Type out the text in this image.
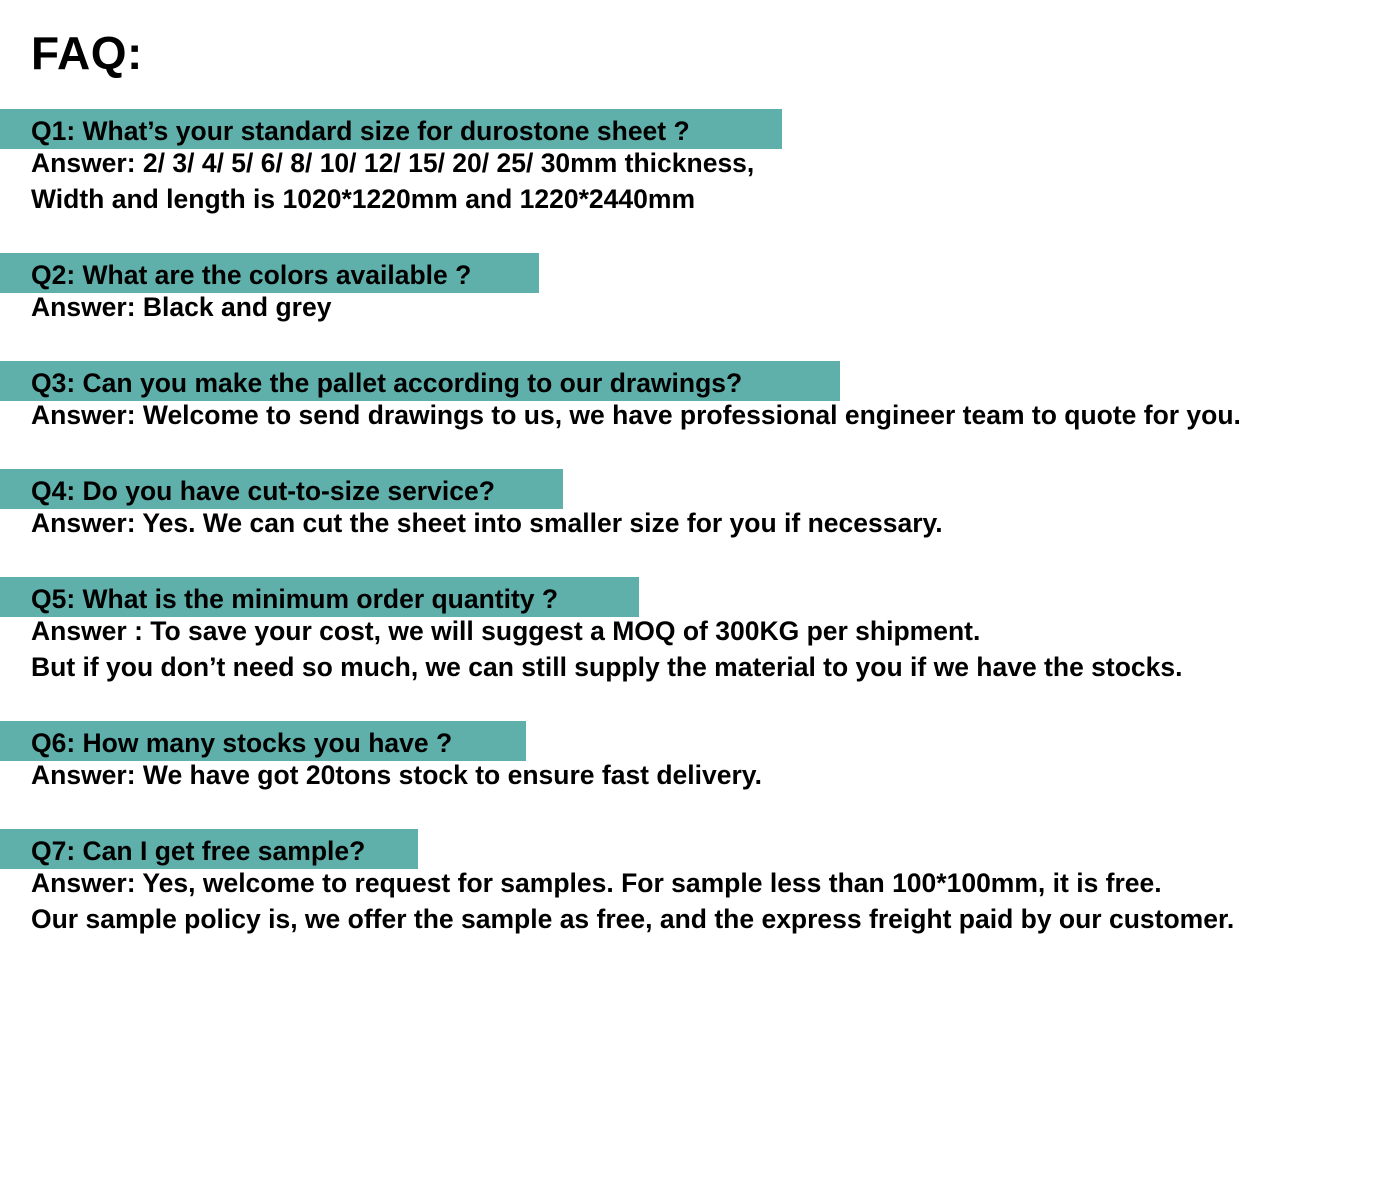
FAQ:
Q1: What’s your standard size for durostone sheet ?
Answer: 2/ 3/ 4/ 5/ 6/ 8/ 10/ 12/ 15/ 20/ 25/ 30mm thickness,
Width and length is 1020*1220mm and 1220*2440mm
Q2: What are the colors available ?
Answer: Black and grey
Q3: Can you make the pallet according to our drawings?
Answer: Welcome to send drawings to us, we have professional engineer team to quote for you.
Q4: Do you have cut-to-size service?
Answer: Yes. We can cut the sheet into smaller size for you if necessary.
Q5: What is the minimum order quantity ?
Answer : To save your cost, we will suggest a MOQ of 300KG per shipment.
But if you don’t need so much, we can still supply the material to you if we have the stocks.
Q6: How many stocks you have ?
Answer: We have got 20tons stock to ensure fast delivery.
Q7: Can I get free sample?
Answer: Yes, welcome to request for samples. For sample less than 100*100mm, it is free.
Our sample policy is, we offer the sample as free, and the express freight paid by our customer.
